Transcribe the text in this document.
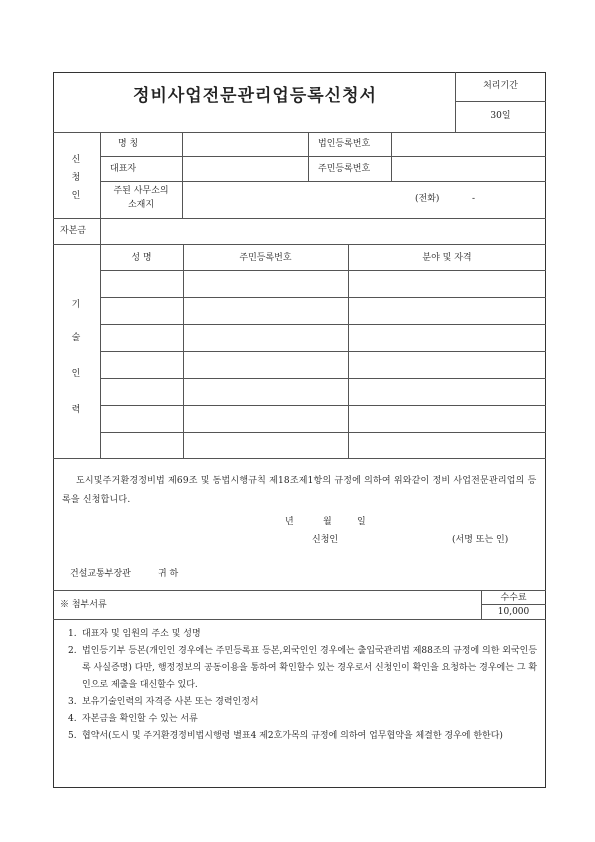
정비사업전문관리업등록신청서	처리기간
30일
신
청
인
명 칭	법인등록번호
대표자	주민등록번호
주된 사무소의
소재지
(전화)	-
자본금
기
술
인
력
성 명	주민등록번호	분야 및 자격
도시및주거환경정비법 제69조 및 동법시행규칙 제18조제1항의 규정에 의하여 위와같이 정비 사업전문관리업의 등록을 신청합니다.
년	월	일
신청인	(서명 또는 인)
건설교통부장관	귀 하
※ 첨부서류
수수료
10,000
1. 대표자 및 임원의 주소 및 성명
2. 법인등기부 등본(개인인 경우에는 주민등록표 등본,외국인인 경우에는 출입국관리법 제88조의 규정에 의한 외국인등록 사실증명) 다만, 행정정보의 공동이용을 통하여 확인할수 있는 경우로서 신청인이 확인을 요청하는 경우에는 그 확인으로 제출을 대신할수 있다.
3. 보유기술인력의 자격증 사본 또는 경력인정서
4. 자본금을 확인할 수 있는 서류
5. 협약서(도시 및 주거환경정비법시행령 별표4 제2호가목의 규정에 의하여 업무협약을 체결한 경우에 한한다)
